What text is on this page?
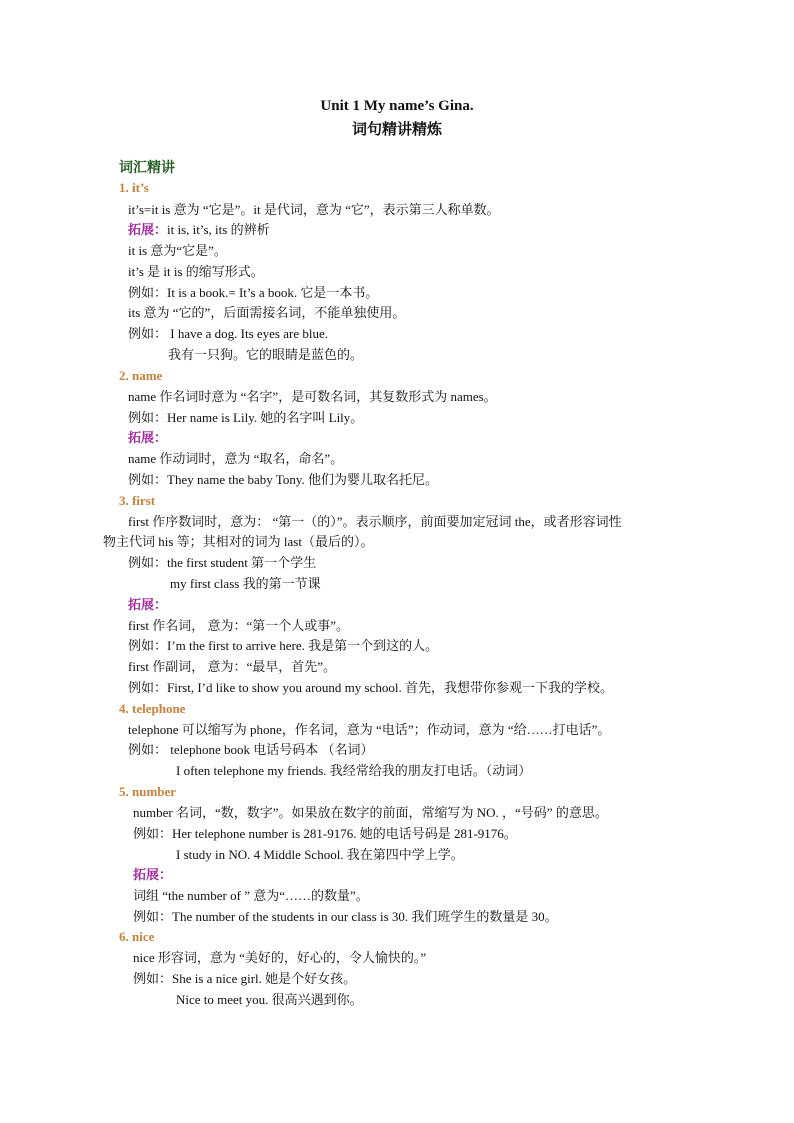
Unit 1 My name’s Gina.
词句精讲精炼
词汇精讲
1. it’s
it’s=it is 意为 “它是”。it 是代词，意为 “它”，表示第三人称单数。
拓展：it is, it’s, its 的辨析
it is 意为“它是”。
it’s 是 it is 的缩写形式。
例如：It is a book.= It’s a book. 它是一本书。
its 意为 “它的”，后面需接名词，不能单独使用。
例如： I have a dog. Its eyes are blue.
我有一只狗。它的眼睛是蓝色的。
2. name
name 作名词时意为 “名字”，是可数名词，其复数形式为 names。
例如：Her name is Lily. 她的名字叫 Lily。
拓展：
name 作动词时，意为 “取名，命名”。
例如：They name the baby Tony. 他们为婴儿取名托尼。
3. first
first 作序数词时，意为： “第一（的）”。表示顺序，前面要加定冠词 the，或者形容词性
物主代词 his 等；其相对的词为 last（最后的）。
例如：the first student 第一个学生
my first class 我的第一节课
拓展：
first 作名词， 意为：“第一个人或事”。
例如：I’m the first to arrive here. 我是第一个到这的人。
first 作副词， 意为：“最早，首先”。
例如：First, I’d like to show you around my school. 首先，我想带你参观一下我的学校。
4. telephone
telephone 可以缩写为 phone，作名词，意为 “电话”；作动词，意为 “给……打电话”。
例如： telephone book 电话号码本 （名词）
I often telephone my friends. 我经常给我的朋友打电话。（动词）
5. number
number 名词，“数，数字”。如果放在数字的前面，常缩写为 NO. ，“号码” 的意思。
例如：Her telephone number is 281-9176. 她的电话号码是 281-9176。
I study in NO. 4 Middle School. 我在第四中学上学。
拓展：
词组 “the number of ” 意为“……的数量”。
例如：The number of the students in our class is 30. 我们班学生的数量是 30。
6. nice
nice 形容词，意为 “美好的，好心的，令人愉快的。”
例如：She is a nice girl. 她是个好女孩。
Nice to meet you. 很高兴遇到你。
